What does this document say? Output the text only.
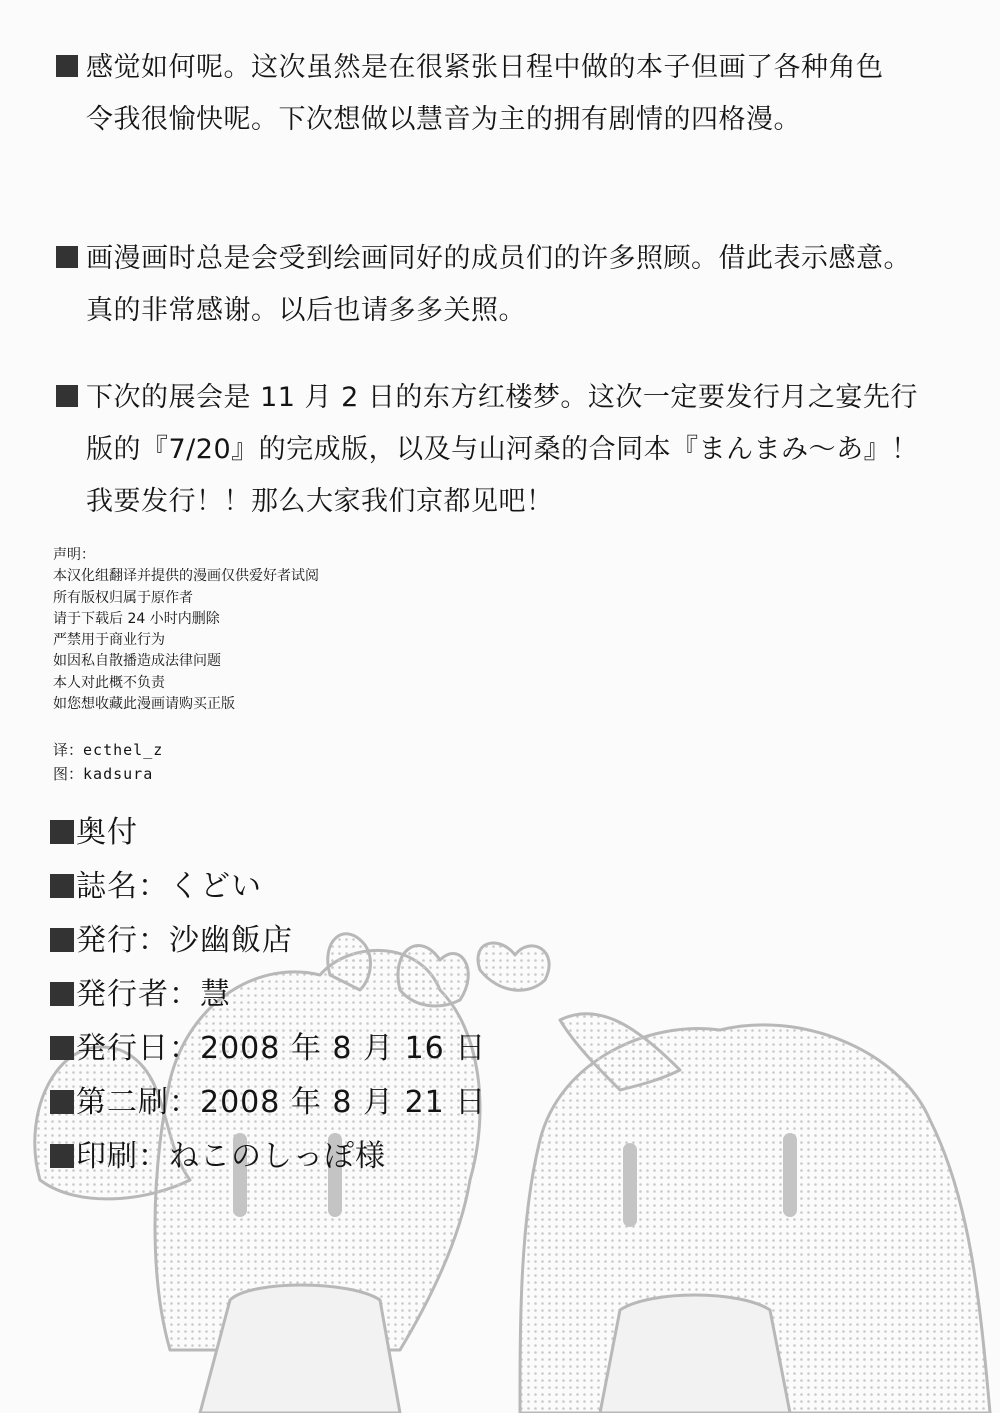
感觉如何呢。这次虽然是在很紧张日程中做的本子但画了各种角色
令我很愉快呢。下次想做以慧音为主的拥有剧情的四格漫。
画漫画时总是会受到绘画同好的成员们的许多照顾。借此表示感意。
真的非常感谢。以后也请多多关照。
下次的展会是 11 月 2 日的东方红楼梦。这次一定要发行月之宴先行
版的『7/20』的完成版，以及与山河桑的合同本『まんまみ～あ』！
我要发行！！那么大家我们京都见吧！
声明：
本汉化组翻译并提供的漫画仅供爱好者试阅
所有版权归属于原作者
请于下载后 24 小时内删除
严禁用于商业行为
如因私自散播造成法律问题
本人对此概不负责
如您想收藏此漫画请购买正版
译：ecthel_z
图：kadsura
奥付
誌名：くどい
発行：沙幽飯店
発行者：慧
発行日：2008 年 8 月 16 日
第二刷：2008 年 8 月 21 日
印刷：ねこのしっぽ様
